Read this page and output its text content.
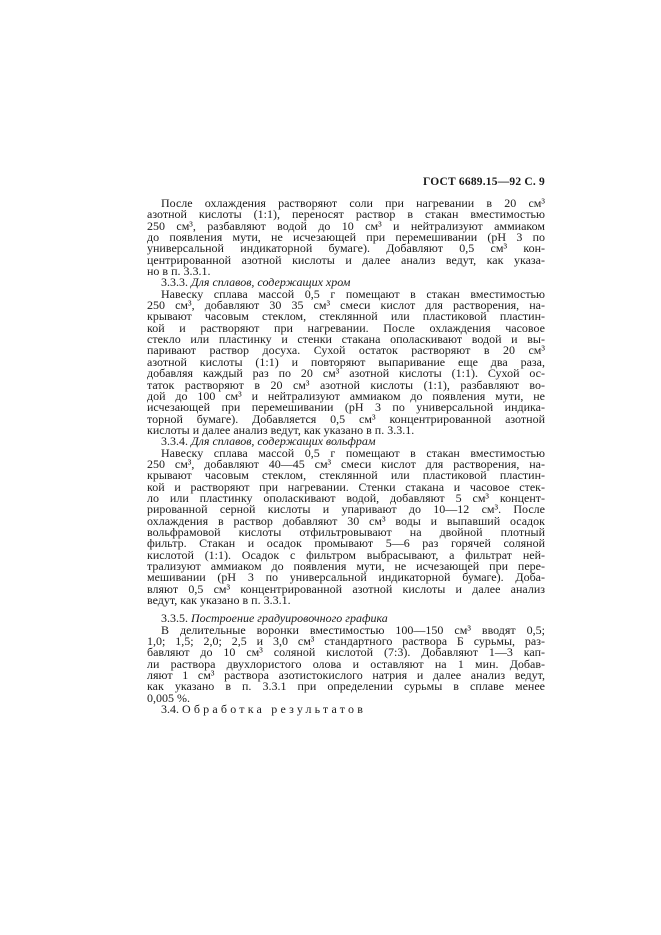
ГОСТ 6689.15—92 С. 9
После охлаждения растворяют соли при нагревании в 20 см³
азотной кислоты (1:1), переносят раствор в стакан вместимостью
250 см³, разбавляют водой до 10 см³ и нейтрализуют аммиаком
до появления мути, не исчезающей при перемешивании (pH 3 по
универсальной индикаторной бумаге). Добавляют 0,5 см³ кон-
центрированной азотной кислоты и далее анализ ведут, как указа-
но в п. 3.3.1.
3.3.3. Для сплавов, содержащих хром
Навеску сплава массой 0,5 г помещают в стакан вместимостью
250 см³, добавляют 30 35 см³ смеси кислот для растворения, на-
крывают часовым стеклом, стеклянной или пластиковой пластин-
кой и растворяют при нагревании. После охлаждения часовое
стекло или пластинку и стенки стакана ополаскивают водой и вы-
паривают раствор досуха. Сухой остаток растворяют в 20 см³
азотной кислоты (1:1) и повторяют выпаривание еще два раза,
добавляя каждый раз по 20 см³ азотной кислоты (1:1). Сухой ос-
таток растворяют в 20 см³ азотной кислоты (1:1), разбавляют во-
дой до 100 см³ и нейтрализуют аммиаком до появления мути, не
исчезающей при перемешивании (pH 3 по универсальной индика-
торной бумаге). Добавляется 0,5 см³ концентрированной азотной
кислоты и далее анализ ведут, как указано в п. 3.3.1.
3.3.4. Для сплавов, содержащих вольфрам
Навеску сплава массой 0,5 г помещают в стакан вместимостью
250 см³, добавляют 40—45 см³ смеси кислот для растворения, на-
крывают часовым стеклом, стеклянной или пластиковой пластин-
кой и растворяют при нагревании. Стенки стакана и часовое стек-
ло или пластинку ополаскивают водой, добавляют 5 см³ концент-
рированной серной кислоты и упаривают до 10—12 см³. После
охлаждения в раствор добавляют 30 см³ воды и выпавший осадок
вольфрамовой кислоты отфильтровывают на двойной плотный
фильтр. Стакан и осадок промывают 5—6 раз горячей соляной
кислотой (1:1). Осадок с фильтром выбрасывают, а фильтрат ней-
трализуют аммиаком до появления мути, не исчезающей при пере-
мешивании (pH 3 по универсальной индикаторной бумаге). Доба-
вляют 0,5 см³ концентрированной азотной кислоты и далее анализ
ведут, как указано в п. 3.3.1.
3.3.5. Построение градуировочного графика
В делительные воронки вместимостью 100—150 см³ вводят 0,5;
1,0; 1,5; 2,0; 2,5 и 3,0 см³ стандартного раствора Б сурьмы, раз-
бавляют до 10 см³ соляной кислотой (7:3). Добавляют 1—3 кап-
ли раствора двухлористого олова и оставляют на 1 мин. Добав-
ляют 1 см³ раствора азотистокислого натрия и далее анализ ведут,
как указано в п. 3.3.1 при определении сурьмы в сплаве менее
0,005 %.
3.4. Обработка результатов
